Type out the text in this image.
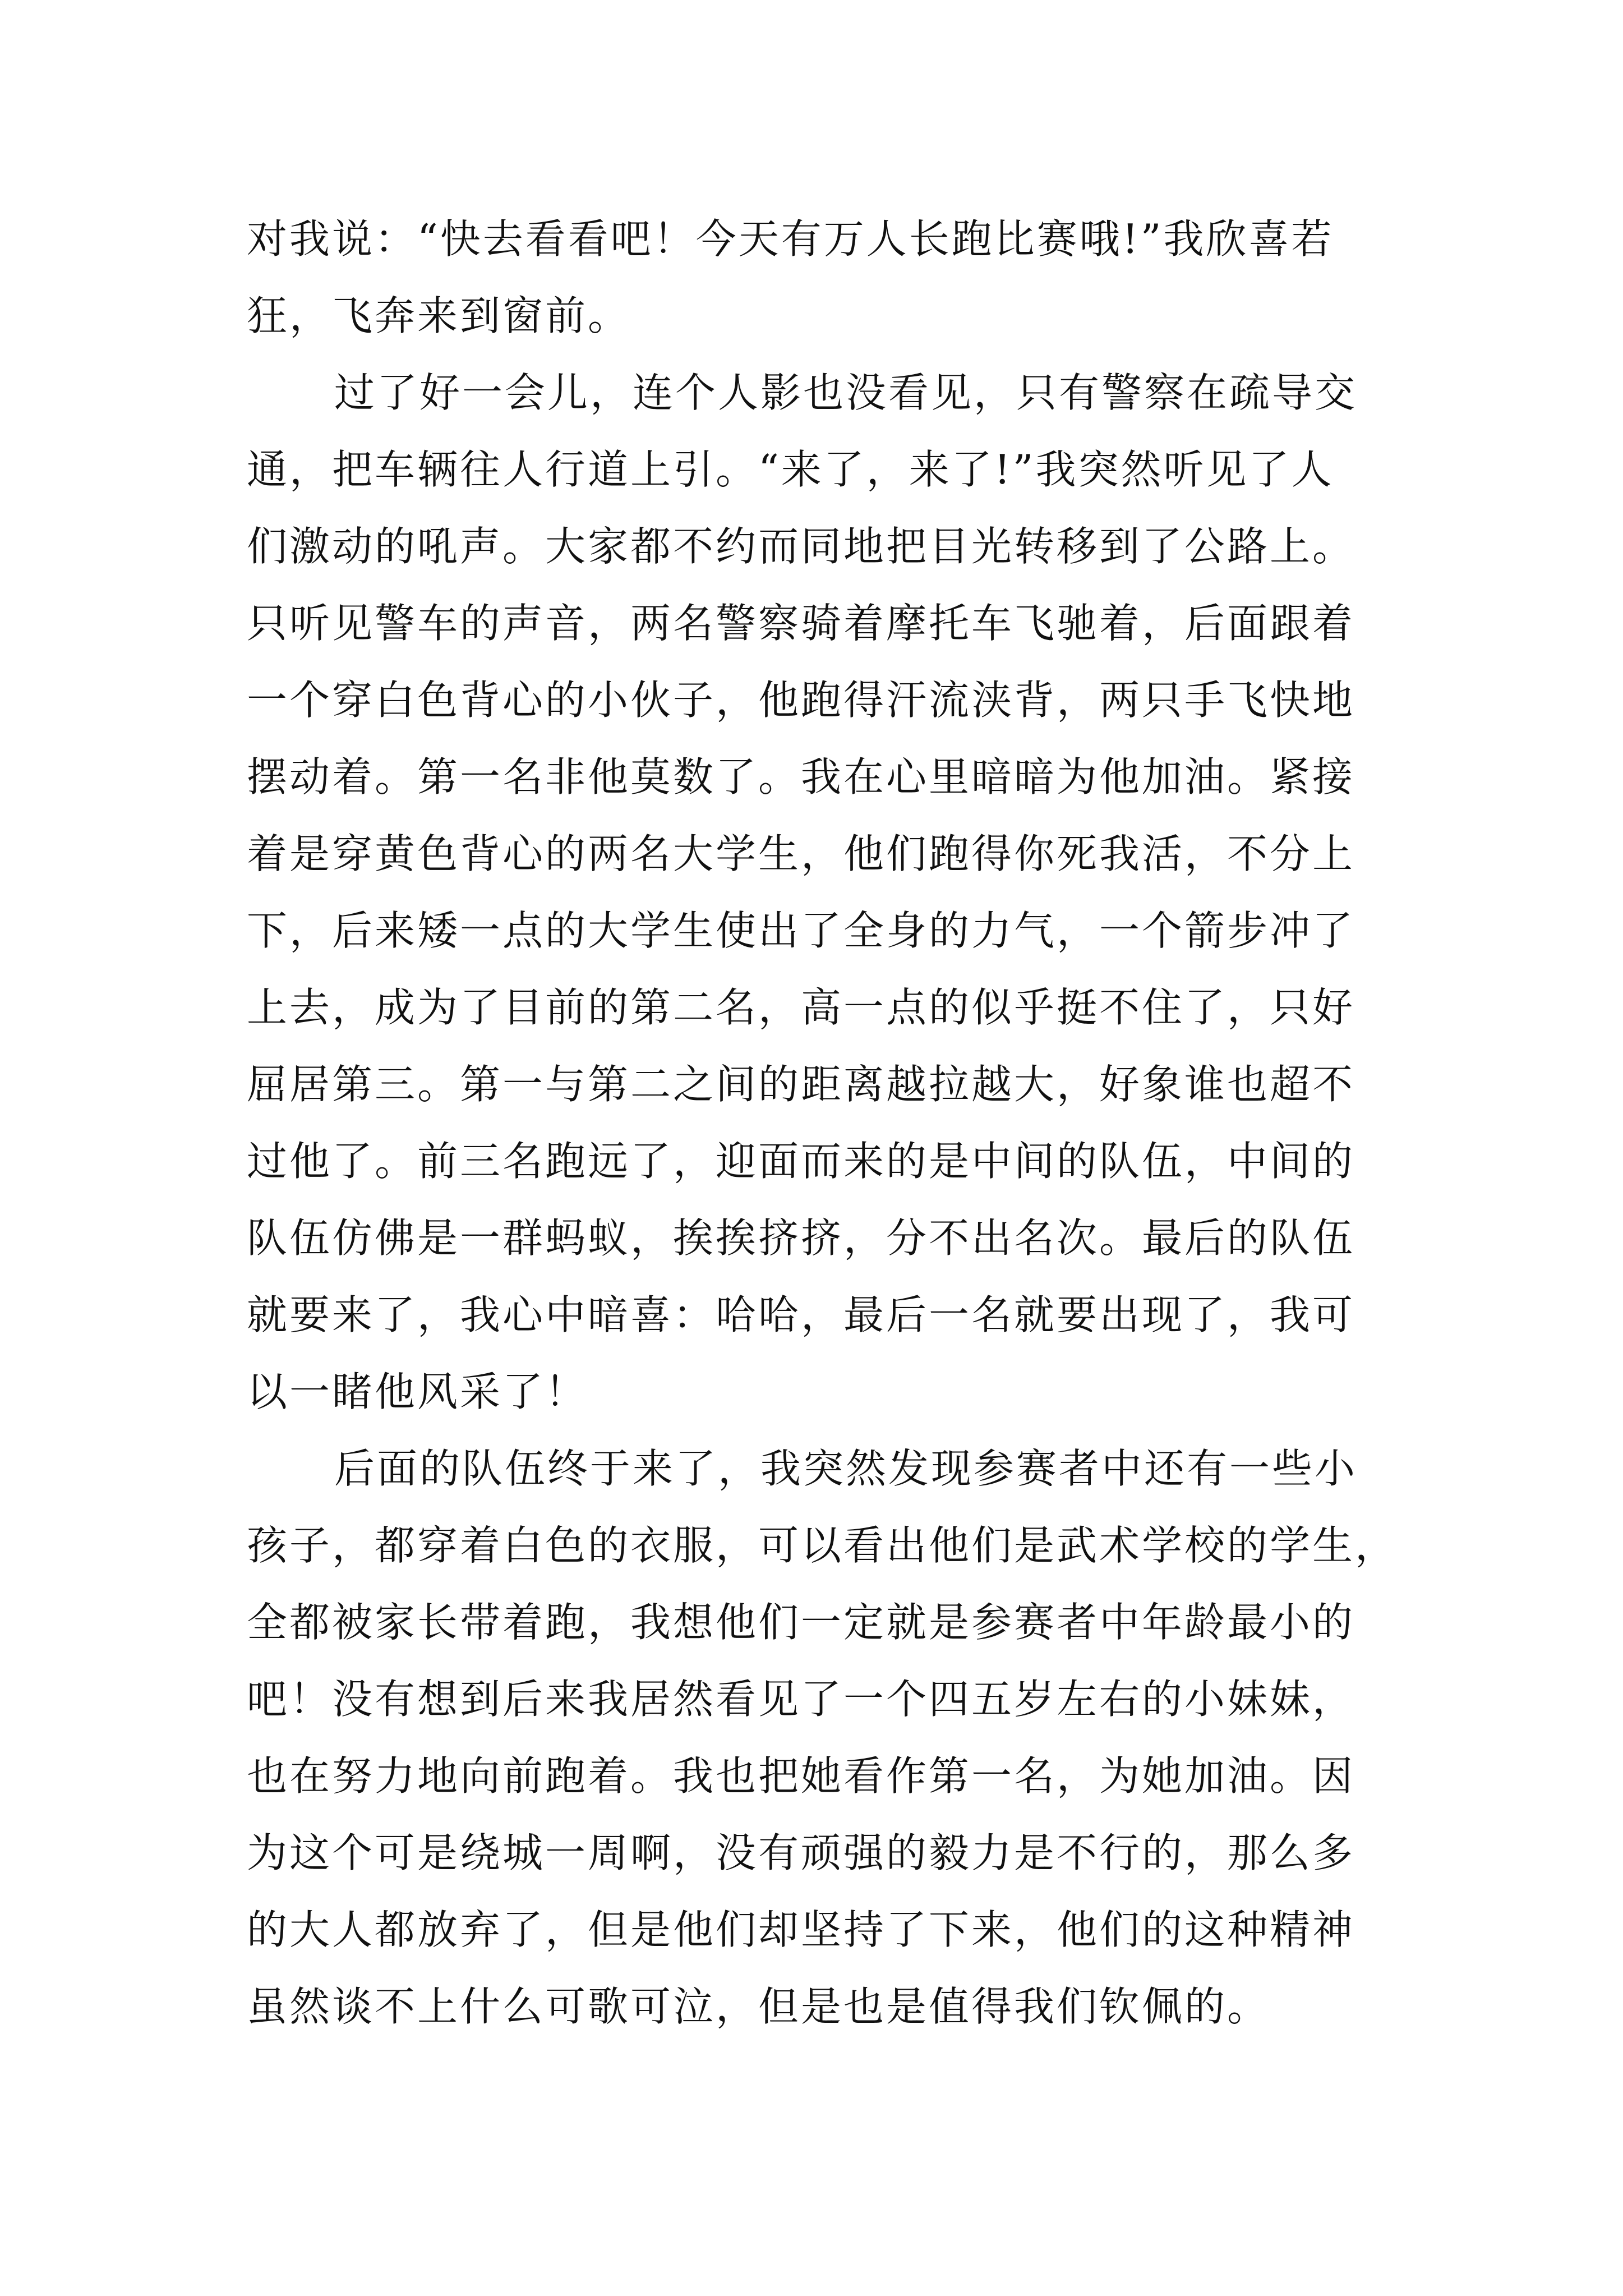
对我说：“快去看看吧！今天有万人长跑比赛哦!”我欣喜若
狂，飞奔来到窗前。
过了好一会儿，连个人影也没看见，只有警察在疏导交
通，把车辆往人行道上引。“来了，来了!”我突然听见了人
们激动的吼声。大家都不约而同地把目光转移到了公路上。
只听见警车的声音，两名警察骑着摩托车飞驰着，后面跟着
一个穿白色背心的小伙子，他跑得汗流浃背，两只手飞快地
摆动着。第一名非他莫数了。我在心里暗暗为他加油。紧接
着是穿黄色背心的两名大学生，他们跑得你死我活，不分上
下，后来矮一点的大学生使出了全身的力气，一个箭步冲了
上去，成为了目前的第二名，高一点的似乎挺不住了，只好
屈居第三。第一与第二之间的距离越拉越大，好象谁也超不
过他了。前三名跑远了，迎面而来的是中间的队伍，中间的
队伍仿佛是一群蚂蚁，挨挨挤挤，分不出名次。最后的队伍
就要来了，我心中暗喜：哈哈，最后一名就要出现了，我可
以一睹他风采了！
后面的队伍终于来了，我突然发现参赛者中还有一些小
孩子，都穿着白色的衣服，可以看出他们是武术学校的学生，
全都被家长带着跑，我想他们一定就是参赛者中年龄最小的
吧！没有想到后来我居然看见了一个四五岁左右的小妹妹，
也在努力地向前跑着。我也把她看作第一名，为她加油。因
为这个可是绕城一周啊，没有顽强的毅力是不行的，那么多
的大人都放弃了，但是他们却坚持了下来，他们的这种精神
虽然谈不上什么可歌可泣，但是也是值得我们钦佩的。
